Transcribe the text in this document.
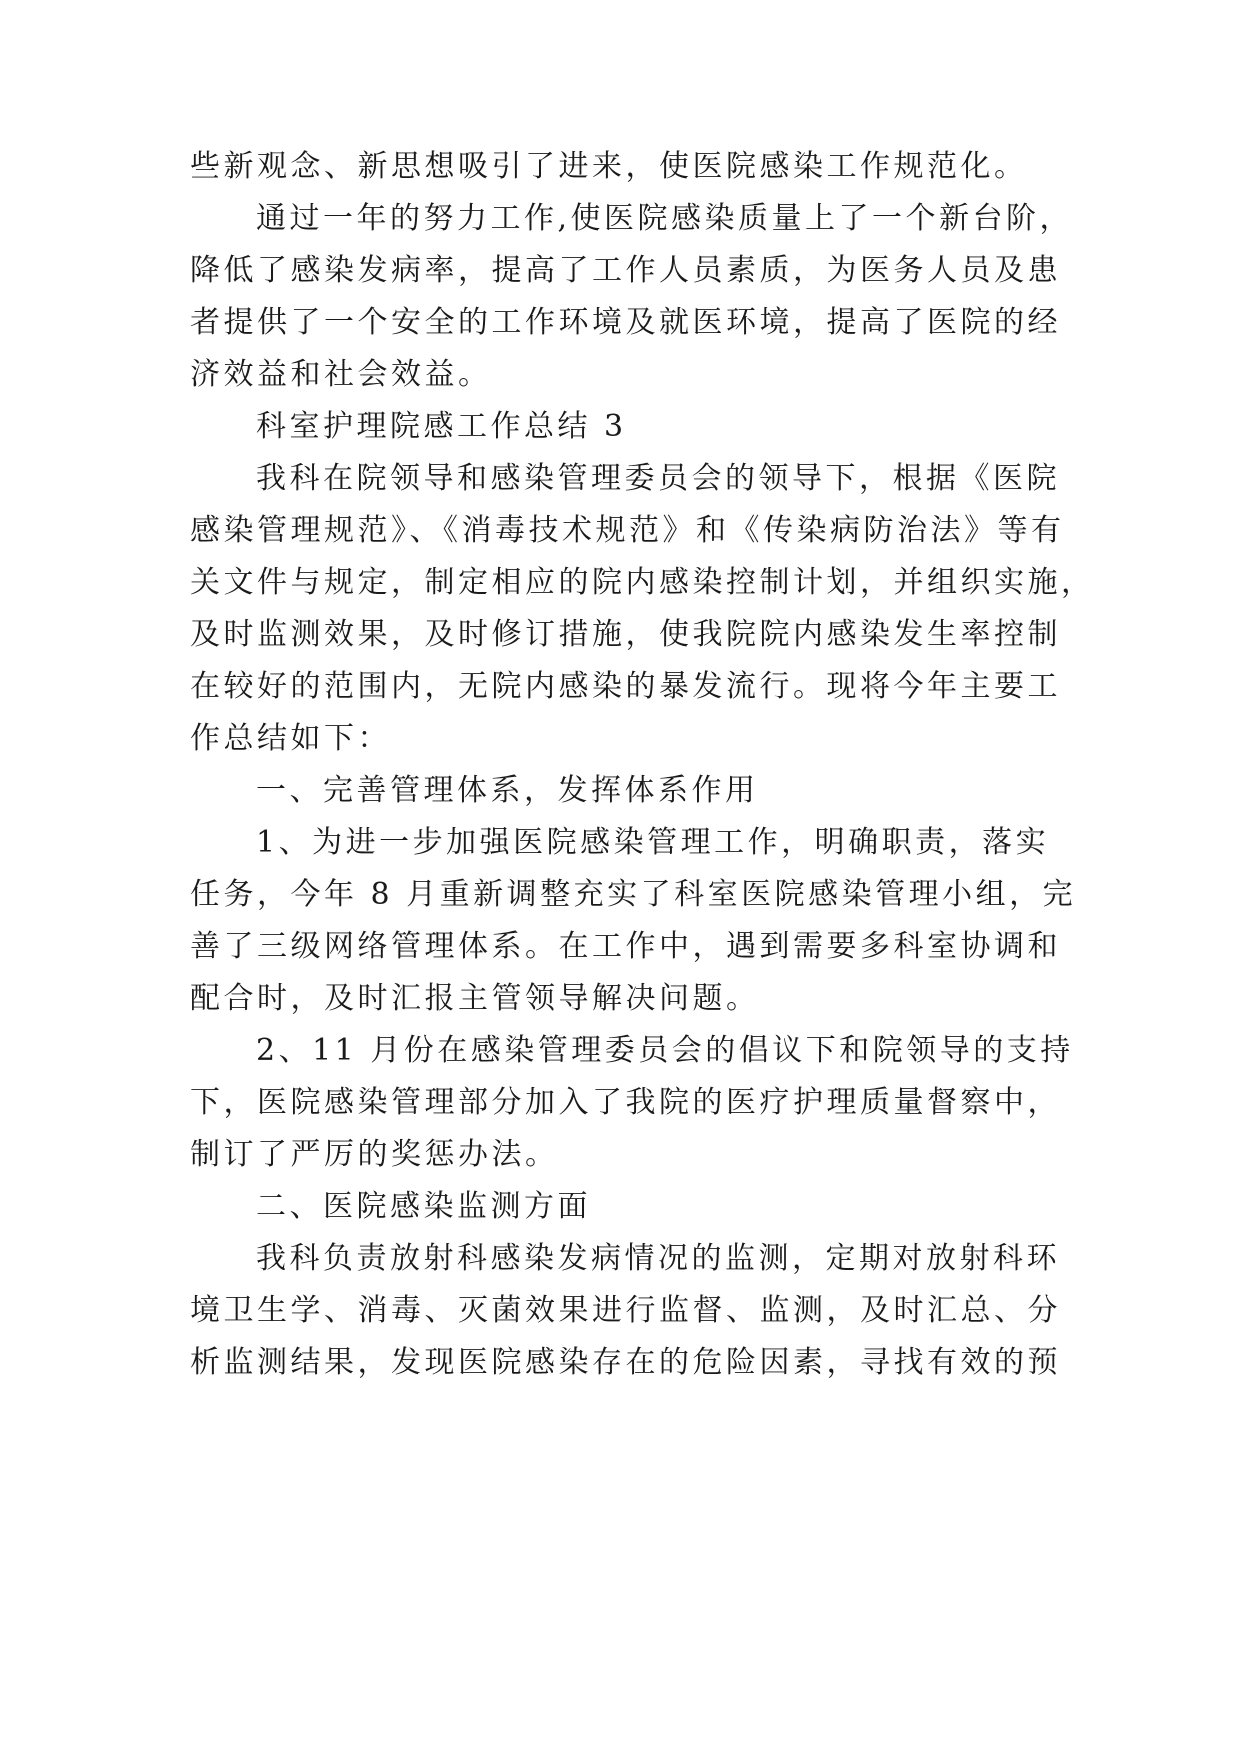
些新观念、新思想吸引了进来，使医院感染工作规范化。
通过一年的努力工作,使医院感染质量上了一个新台阶，
降低了感染发病率，提高了工作人员素质，为医务人员及患
者提供了一个安全的工作环境及就医环境，提高了医院的经
济效益和社会效益。
科室护理院感工作总结 3
我科在院领导和感染管理委员会的领导下，根据《医院
感染管理规范》、《消毒技术规范》和《传染病防治法》等有
关文件与规定，制定相应的院内感染控制计划，并组织实施，
及时监测效果，及时修订措施，使我院院内感染发生率控制
在较好的范围内，无院内感染的暴发流行。现将今年主要工
作总结如下：
一、完善管理体系，发挥体系作用
1、为进一步加强医院感染管理工作，明确职责，落实
任务，今年 8 月重新调整充实了科室医院感染管理小组，完
善了三级网络管理体系。在工作中，遇到需要多科室协调和
配合时，及时汇报主管领导解决问题。
2、11 月份在感染管理委员会的倡议下和院领导的支持
下，医院感染管理部分加入了我院的医疗护理质量督察中，
制订了严厉的奖惩办法。
二、医院感染监测方面
我科负责放射科感染发病情况的监测，定期对放射科环
境卫生学、消毒、灭菌效果进行监督、监测，及时汇总、分
析监测结果，发现医院感染存在的危险因素，寻找有效的预
